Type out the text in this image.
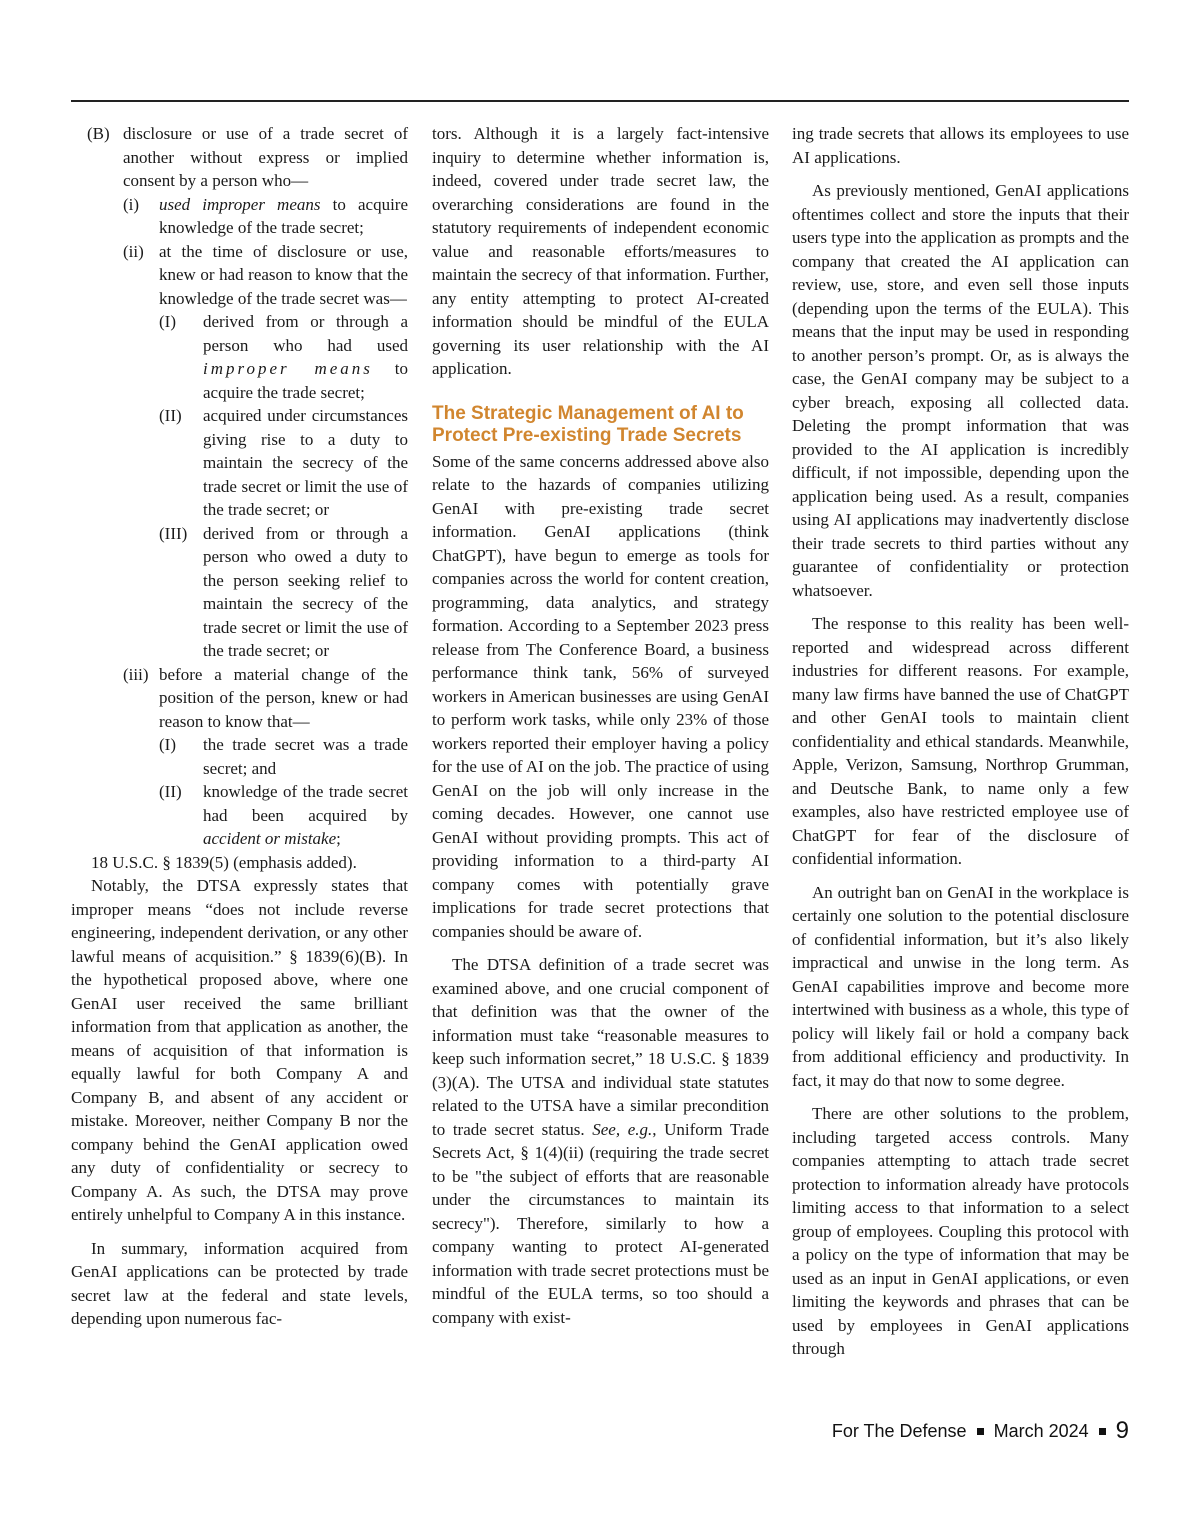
(B) disclosure or use of a trade secret of another without express or implied consent by a person who—
(i)	used improper means to acquire knowledge of the trade secret;
(ii) at the time of disclosure or use, knew or had reason to know that the knowledge of the trade secret was—
(I)	derived from or through a person who had used improper means to acquire the trade secret;
(II)	acquired under circumstances giving rise to a duty to maintain the secrecy of the trade secret or limit the use of the trade secret; or
(III) derived from or through a person who owed a duty to the person seeking relief to maintain the secrecy of the trade secret or limit the use of the trade secret; or
(iii) before a material change of the position of the person, knew or had reason to know that—
(I)	the trade secret was a trade secret; and
(II)	knowledge of the trade secret had been acquired by accident or mistake;

18 U.S.C. § 1839(5) (emphasis added).

Notably, the DTSA expressly states that improper means “does not include reverse engineering, independent derivation, or any other lawful means of acquisition.” § 1839(6)(B). In the hypothetical proposed above, where one GenAI user received the same brilliant information from that application as another, the means of acquisition of that information is equally lawful for both Company A and Company B, and absent of any accident or mistake. Moreover, neither Company B nor the company behind the GenAI application owed any duty of confidentiality or secrecy to Company A. As such, the DTSA may prove entirely unhelpful to Company A in this instance.

In summary, information acquired from GenAI applications can be protected by trade secret law at the federal and state levels, depending upon numerous fac-

tors. Although it is a largely fact-intensive inquiry to determine whether information is, indeed, covered under trade secret law, the overarching considerations are found in the statutory requirements of independent economic value and reasonable efforts/measures to maintain the secrecy of that information. Further, any entity attempting to protect AI-created information should be mindful of the EULA governing its user relationship with the AI application.

The Strategic Management of AI to Protect Pre-existing Trade Secrets

Some of the same concerns addressed above also relate to the hazards of companies utilizing GenAI with pre-existing trade secret information. GenAI applications (think ChatGPT), have begun to emerge as tools for companies across the world for content creation, programming, data analytics, and strategy formation. According to a September 2023 press release from The Conference Board, a business performance think tank, 56% of surveyed workers in American businesses are using GenAI to perform work tasks, while only 23% of those workers reported their employer having a policy for the use of AI on the job. The practice of using GenAI on the job will only increase in the coming decades. However, one cannot use GenAI without providing prompts. This act of providing information to a third-party AI company comes with potentially grave implications for trade secret protections that companies should be aware of.

The DTSA definition of a trade secret was examined above, and one crucial component of that definition was that the owner of the information must take “reasonable measures to keep such information secret,” 18 U.S.C. § 1839 (3)(A). The UTSA and individual state statutes related to the UTSA have a similar precondition to trade secret status. See, e.g., Uniform Trade Secrets Act, § 1(4)(ii) (requiring the trade secret to be "the subject of efforts that are reasonable under the circumstances to maintain its secrecy"). Therefore, similarly to how a company wanting to protect AI-generated information with trade secret protections must be mindful of the EULA terms, so too should a company with exist-

ing trade secrets that allows its employees to use AI applications.

As previously mentioned, GenAI applications oftentimes collect and store the inputs that their users type into the application as prompts and the company that created the AI application can review, use, store, and even sell those inputs (depending upon the terms of the EULA). This means that the input may be used in responding to another person’s prompt. Or, as is always the case, the GenAI company may be subject to a cyber breach, exposing all collected data. Deleting the prompt information that was provided to the AI application is incredibly difficult, if not impossible, depending upon the application being used. As a result, companies using AI applications may inadvertently disclose their trade secrets to third parties without any guarantee of confidentiality or protection whatsoever.

The response to this reality has been well-reported and widespread across different industries for different reasons. For example, many law firms have banned the use of ChatGPT and other GenAI tools to maintain client confidentiality and ethical standards. Meanwhile, Apple, Verizon, Samsung, Northrop Grumman, and Deutsche Bank, to name only a few examples, also have restricted employee use of ChatGPT for fear of the disclosure of confidential information.

An outright ban on GenAI in the workplace is certainly one solution to the potential disclosure of confidential information, but it’s also likely impractical and unwise in the long term. As GenAI capabilities improve and become more intertwined with business as a whole, this type of policy will likely fail or hold a company back from additional efficiency and productivity. In fact, it may do that now to some degree.

There are other solutions to the problem, including targeted access controls. Many companies attempting to attach trade secret protection to information already have protocols limiting access to that information to a select group of employees. Coupling this protocol with a policy on the type of information that may be used as an input in GenAI applications, or even limiting the keywords and phrases that can be used by employees in GenAI applications through

For The Defense March 2024 9
